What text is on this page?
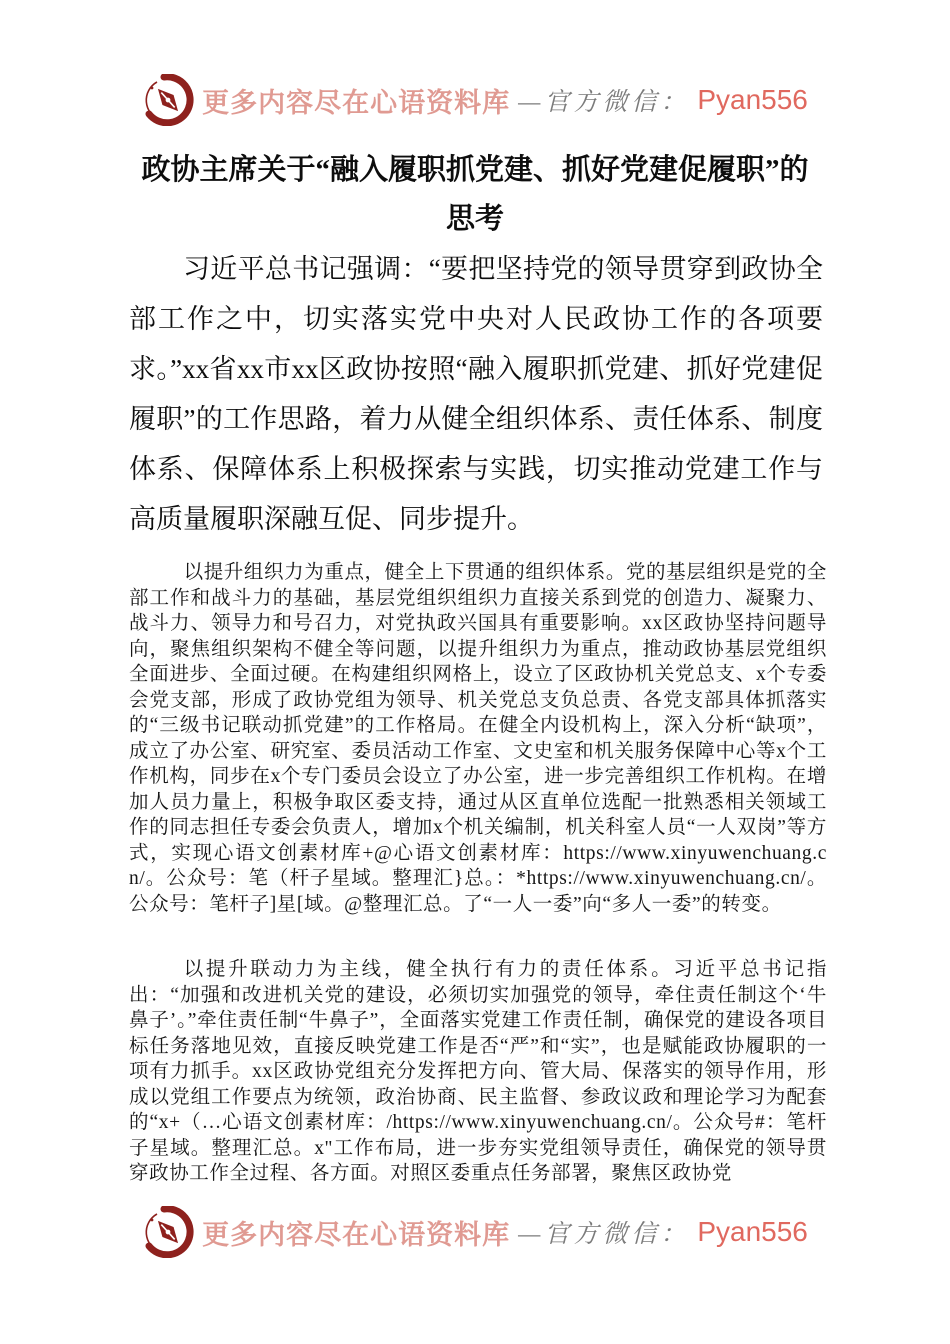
更多内容尽在心语资料库 —官方微信： Pyan556
政协主席关于“融入履职抓党建、抓好党建促履职”的思考

习近平总书记强调：“要把坚持党的领导贯穿到政协全部工作之中，切实落实党中央对人民政协工作的各项要求。”xx省xx市xx区政协按照“融入履职抓党建、抓好党建促履职”的工作思路，着力从健全组织体系、责任体系、制度体系、保障体系上积极探索与实践，切实推动党建工作与高质量履职深融互促、同步提升。

以提升组织力为重点，健全上下贯通的组织体系。党的基层组织是党的全部工作和战斗力的基础，基层党组织组织力直接关系到党的创造力、凝聚力、战斗力、领导力和号召力，对党执政兴国具有重要影响。xx区政协坚持问题导向，聚焦组织架构不健全等问题，以提升组织力为重点，推动政协基层党组织全面进步、全面过硬。在构建组织网格上，设立了区政协机关党总支、x个专委会党支部，形成了政协党组为领导、机关党总支负总责、各党支部具体抓落实的“三级书记联动抓党建”的工作格局。在健全内设机构上，深入分析“缺项”，成立了办公室、研究室、委员活动工作室、文史室和机关服务保障中心等x个工作机构，同步在x个专门委员会设立了办公室，进一步完善组织工作机构。在增加人员力量上，积极争取区委支持，通过从区直单位选配一批熟悉相关领域工作的同志担任专委会负责人，增加x个机关编制，机关科室人员“一人双岗”等方式，实现心语文创素材库+@心语文创素材库：https://www.xinyuwenchuang.cn/。公众号：笔（杆子星域。整理汇}总。：*https://www.xinyuwenchuang.cn/。公众号：笔杆子]星[域。@整理汇总。了“一人一委”向“多人一委”的转变。

以提升联动力为主线，健全执行有力的责任体系。习近平总书记指出：“加强和改进机关党的建设，必须切实加强党的领导，牵住责任制这个‘牛鼻子’。”牵住责任制“牛鼻子”，全面落实党建工作责任制，确保党的建设各项目标任务落地见效，直接反映党建工作是否“严”和“实”，也是赋能政协履职的一项有力抓手。xx区政协党组充分发挥把方向、管大局、保落实的领导作用，形成以党组工作要点为统领，政治协商、民主监督、参政议政和理论学习为配套的“x+（…心语文创素材库：/https://www.xinyuwenchuang.cn/。公众号#：笔杆子星域。整理汇总。x"工作布局，进一步夯实党组领导责任，确保党的领导贯穿政协工作全过程、各方面。对照区委重点任务部署，聚焦区政协党

更多内容尽在心语资料库 —官方微信： Pyan556
